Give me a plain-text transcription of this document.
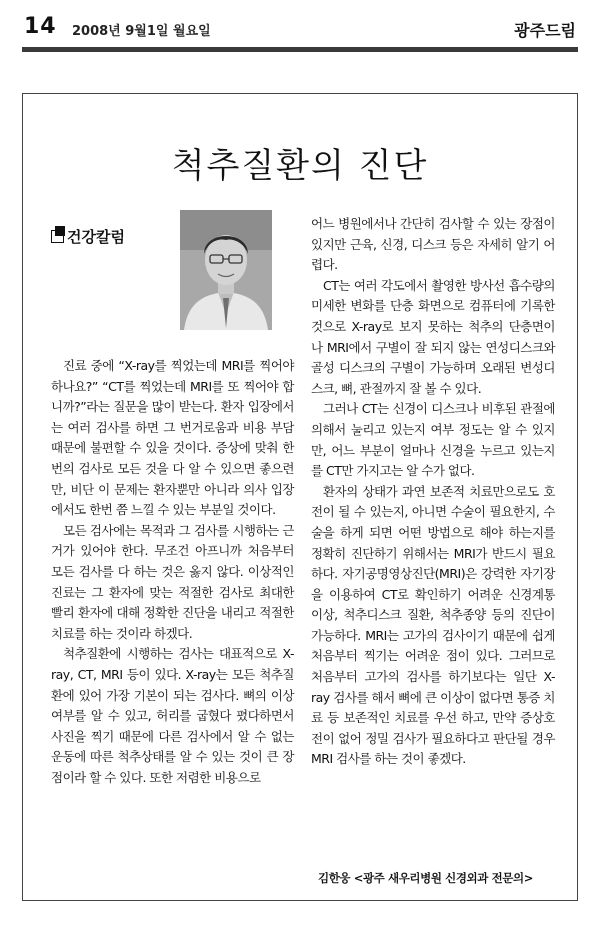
14 2008년 9월1일 월요일	광주드림
척추질환의 진단
건강칼럼

진료 중에 “X-ray를 찍었는데 MRI를 찍어야 하나요?” “CT를 찍었는데 MRI를 또 찍어야 합니까?”라는 질문을 많이 받는다. 환자 입장에서는 여러 검사를 하면 그 번거로움과 비용 부담 때문에 불편할 수 있을 것이다. 증상에 맞춰 한 번의 검사로 모든 것을 다 알 수 있으면 좋으련만, 비단 이 문제는 환자뿐만 아니라 의사 입장에서도 한번 쯤 느낄 수 있는 부분일 것이다.

모든 검사에는 목적과 그 검사를 시행하는 근거가 있어야 한다. 무조건 아프니까 처음부터 모든 검사를 다 하는 것은 옳지 않다. 이상적인 진료는 그 환자에 맞는 적절한 검사로 최대한 빨리 환자에 대해 정확한 진단을 내리고 적절한 치료를 하는 것이라 하겠다.

척추질환에 시행하는 검사는 대표적으로 X-ray, CT, MRI 등이 있다. X-ray는 모든 척추질환에 있어 가장 기본이 되는 검사다. 뼈의 이상여부를 알 수 있고, 허리를 굽혔다 폈다하면서 사진을 찍기 때문에 다른 검사에서 알 수 없는 운동에 따른 척추상태를 알 수 있는 것이 큰 장점이라 할 수 있다. 또한 저렴한 비용으로

어느 병원에서나 간단히 검사할 수 있는 장점이 있지만 근육, 신경, 디스크 등은 자세히 알기 어렵다.

CT는 여러 각도에서 촬영한 방사선 흡수량의 미세한 변화를 단층 화면으로 컴퓨터에 기록한 것으로 X-ray로 보지 못하는 척추의 단층면이나 MRI에서 구별이 잘 되지 않는 연성디스크와 골성 디스크의 구별이 가능하며 오래된 변성디스크, 뼈, 관절까지 잘 볼 수 있다.

그러나 CT는 신경이 디스크나 비후된 관절에 의해서 눌리고 있는지 여부 정도는 알 수 있지만, 어느 부분이 얼마나 신경을 누르고 있는지를 CT만 가지고는 알 수가 없다.

환자의 상태가 과연 보존적 치료만으로도 호전이 될 수 있는지, 아니면 수술이 필요한지, 수술을 하게 되면 어떤 방법으로 해야 하는지를 정확히 진단하기 위해서는 MRI가 반드시 필요하다. 자기공명영상진단(MRI)은 강력한 자기장을 이용하여 CT로 확인하기 어려운 신경계통 이상, 척추디스크 질환, 척추종양 등의 진단이 가능하다. MRI는 고가의 검사이기 때문에 쉽게 처음부터 찍기는 어려운 점이 있다. 그러므로 처음부터 고가의 검사를 하기보다는 일단 X-ray 검사를 해서 뼈에 큰 이상이 없다면 통증 치료 등 보존적인 치료를 우선 하고, 만약 증상호전이 없어 정밀 검사가 필요하다고 판단될 경우 MRI 검사를 하는 것이 좋겠다.

김한웅 <광주 새우리병원 신경외과 전문의>
